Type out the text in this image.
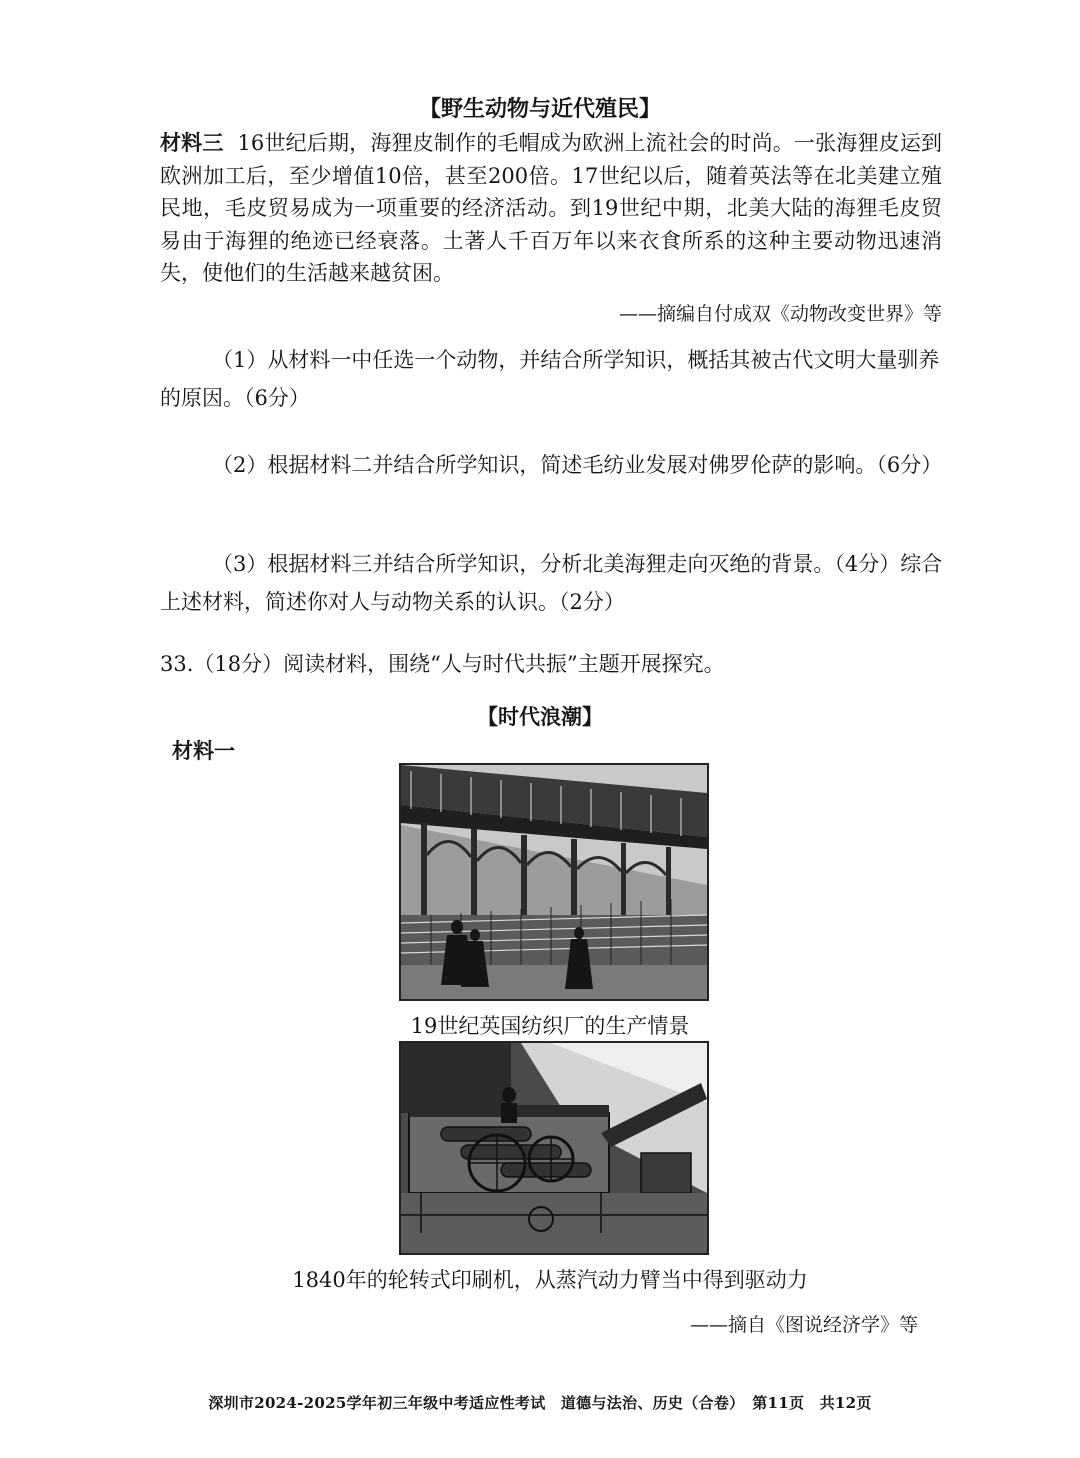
【野生动物与近代殖民】

材料三 16世纪后期，海狸皮制作的毛帽成为欧洲上流社会的时尚。一张海狸皮运到欧洲加工后，至少增值10倍，甚至200倍。17世纪以后，随着英法等在北美建立殖民地，毛皮贸易成为一项重要的经济活动。到19世纪中期，北美大陆的海狸毛皮贸易由于海狸的绝迹已经衰落。土著人千百万年以来衣食所系的这种主要动物迅速消失，使他们的生活越来越贫困。

——摘编自付成双《动物改变世界》等

（1）从材料一中任选一个动物，并结合所学知识，概括其被古代文明大量驯养的原因。（6分）

（2）根据材料二并结合所学知识，简述毛纺业发展对佛罗伦萨的影响。（6分）

（3）根据材料三并结合所学知识，分析北美海狸走向灭绝的背景。（4分）综合上述材料，简述你对人与动物关系的认识。（2分）

33.（18分）阅读材料，围绕“人与时代共振”主题开展探究。

【时代浪潮】
材料一
19世纪英国纺织厂的生产情景
1840年的轮转式印刷机，从蒸汽动力臂当中得到驱动力
——摘自《图说经济学》等
深圳市2024-2025学年初三年级中考适应性考试　道德与法治、历史（合卷）　第11页　共12页
